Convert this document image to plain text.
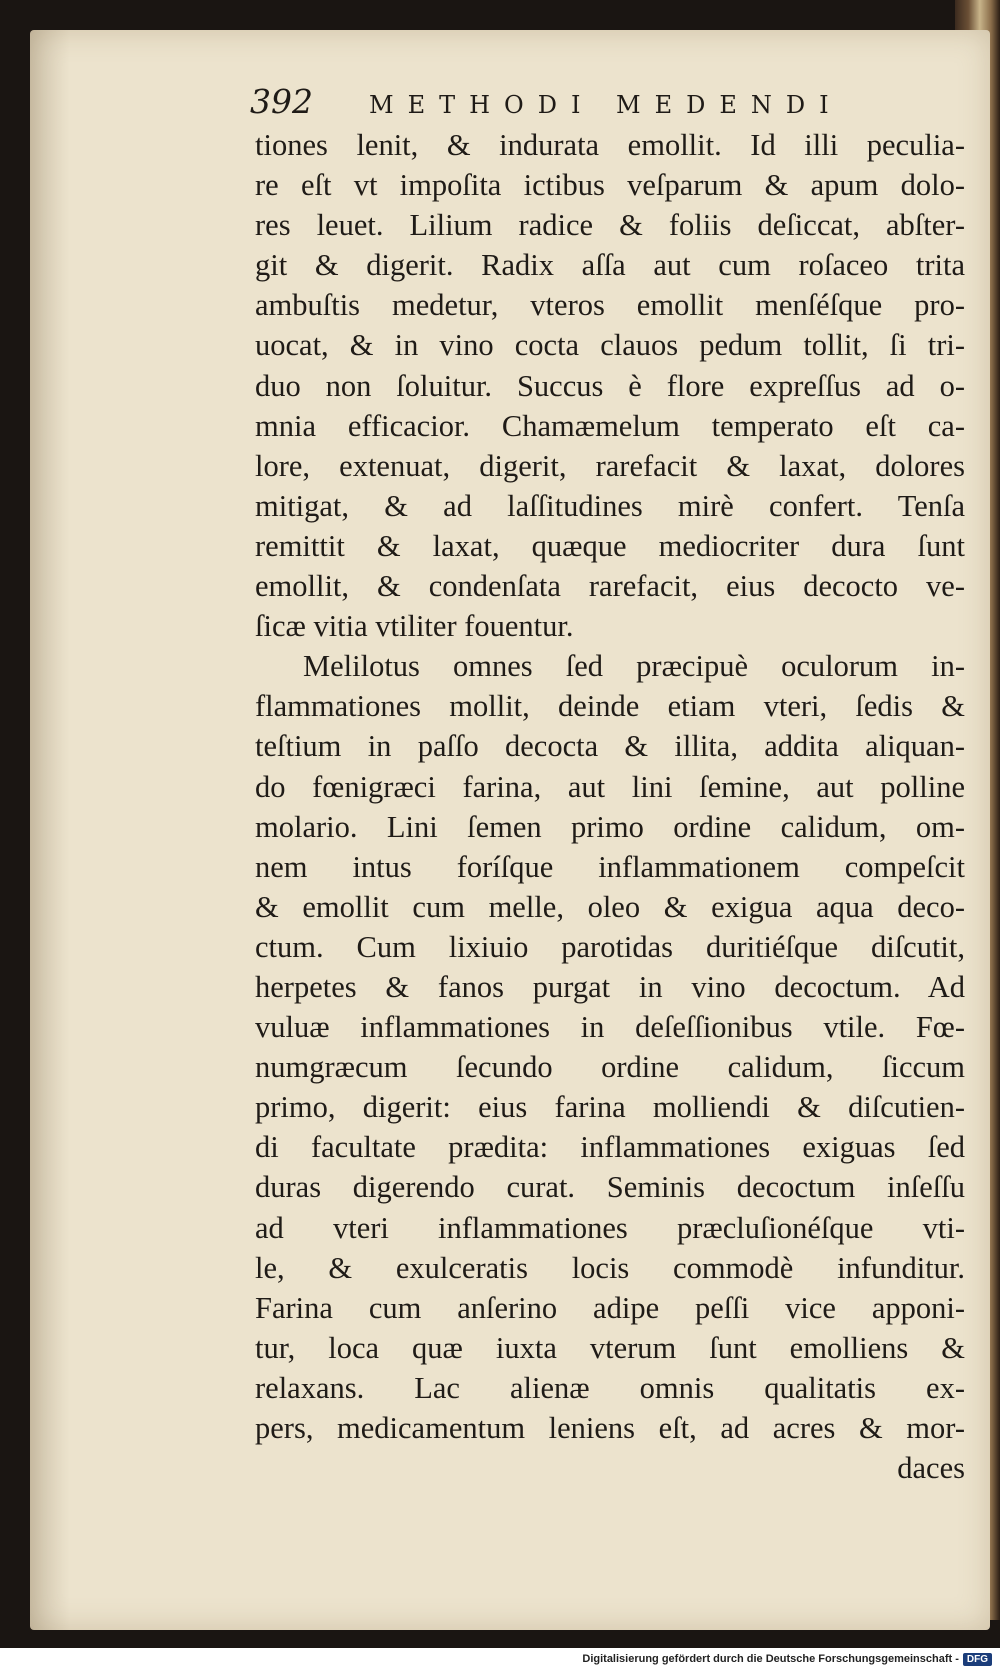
392 METHODI MEDENDI
tiones lenit, & indurata emollit. Id illi peculia-
re eſt vt impoſita ictibus veſparum & apum dolo-
res leuet. Lilium radice & foliis deſiccat, abſter-
git & digerit. Radix aſſa aut cum roſaceo trita
ambuſtis medetur, vteros emollit menſéſque pro-
uocat, & in vino cocta clauos pedum tollit, ſi tri-
duo non ſoluitur. Succus è flore expreſſus ad o-
mnia efficacior. Chamæmelum temperato eſt ca-
lore, extenuat, digerit, rarefacit & laxat, dolores
mitigat, & ad laſſitudines mirè confert. Tenſa
remittit & laxat, quæque mediocriter dura ſunt
emollit, & condenſata rarefacit, eius decocto ve-
ſicæ vitia vtiliter fouentur.
Melilotus omnes ſed præcipuè oculorum in-
flammationes mollit, deinde etiam vteri, ſedis &
teſtium in paſſo decocta & illita, addita aliquan-
do fœnigræci farina, aut lini ſemine, aut polline
molario. Lini ſemen primo ordine calidum, om-
nem intus foríſque inflammationem compeſcit
& emollit cum melle, oleo & exigua aqua deco-
ctum. Cum lixiuio parotidas duritiéſque diſcutit,
herpetes & fanos purgat in vino decoctum. Ad
vuluæ inflammationes in deſeſſionibus vtile. Fœ-
numgræcum ſecundo ordine calidum, ſiccum
primo, digerit: eius farina molliendi & diſcutien-
di facultate prædita: inflammationes exiguas ſed
duras digerendo curat. Seminis decoctum inſeſſu
ad vteri inflammationes præcluſionéſque vti-
le, & exulceratis locis commodè infunditur.
Farina cum anſerino adipe peſſi vice apponi-
tur, loca quæ iuxta vterum ſunt emolliens &
relaxans. Lac alienæ omnis qualitatis ex-
pers, medicamentum leniens eſt, ad acres & mor-
daces
Digitalisierung gefördert durch die Deutsche Forschungsgemeinschaft - DFG
